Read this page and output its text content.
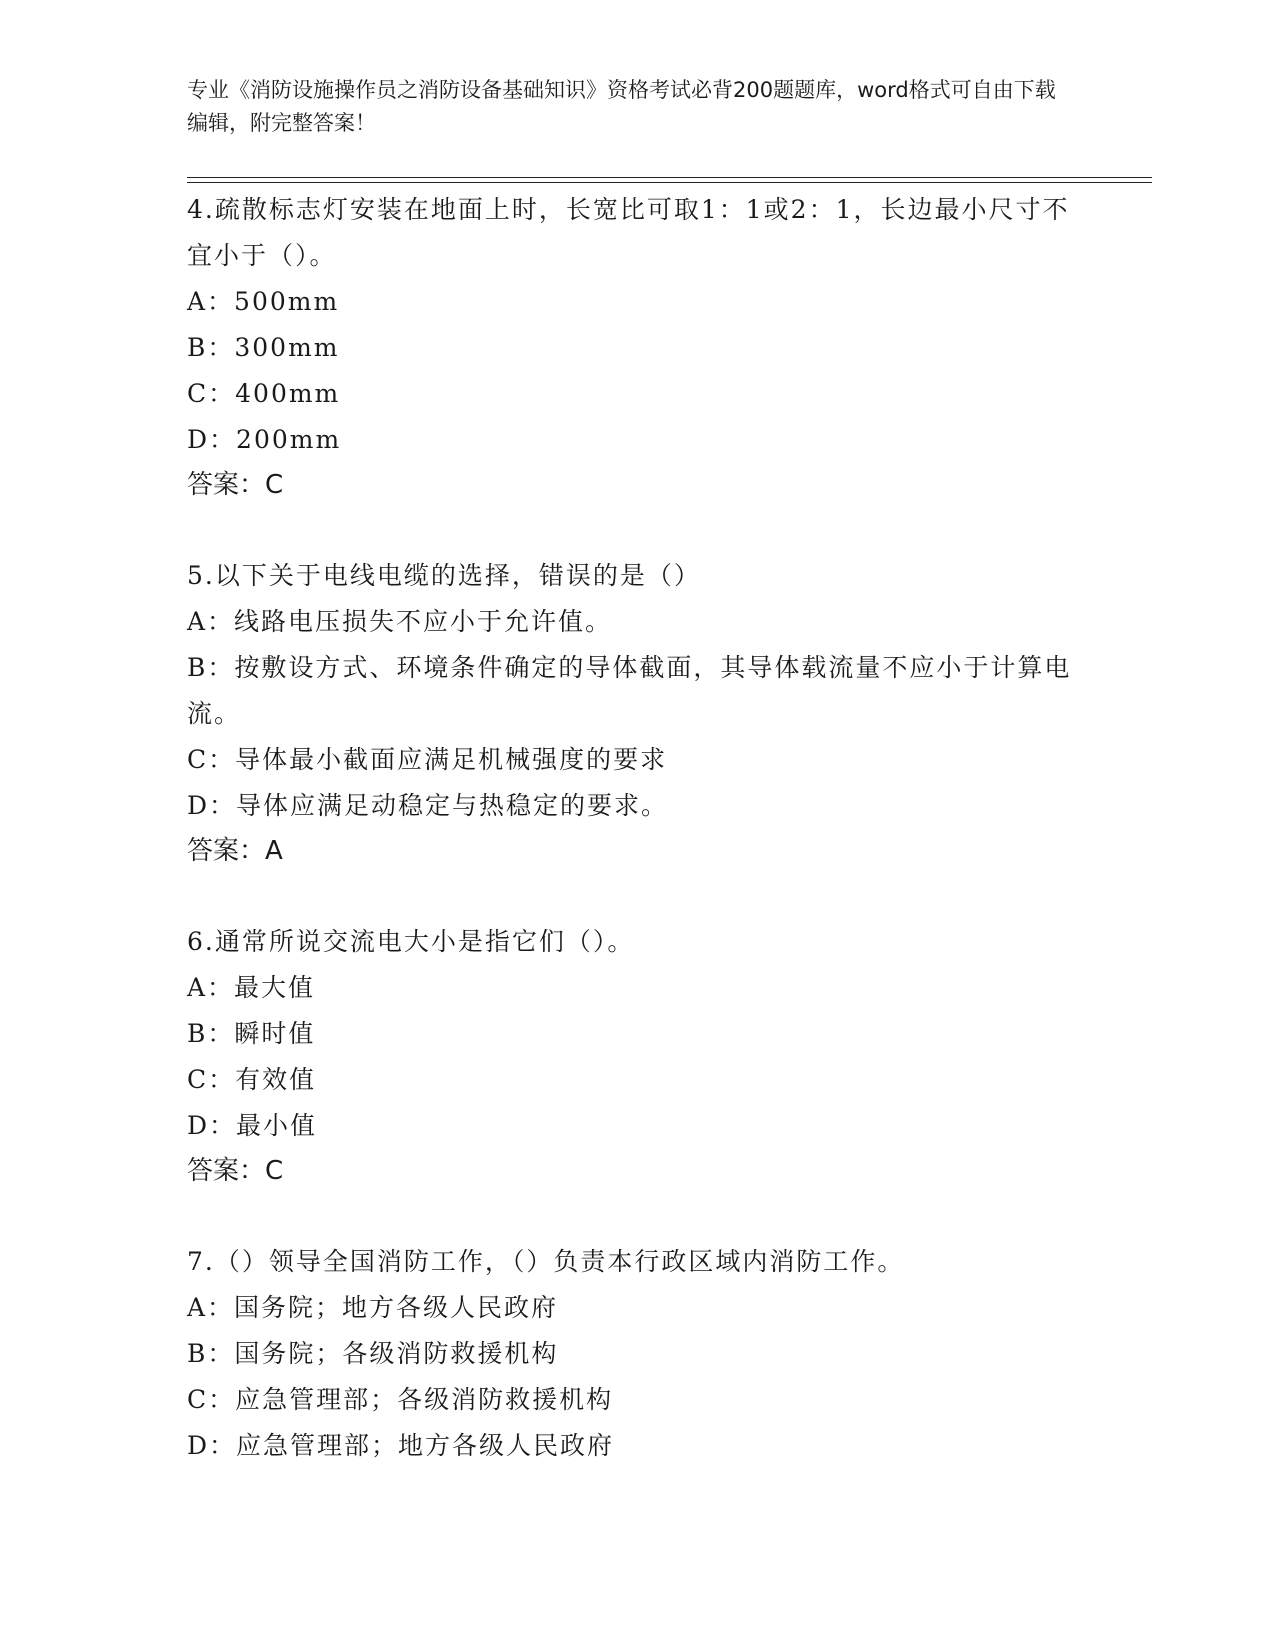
专业《消防设施操作员之消防设备基础知识》资格考试必背200题题库，word格式可自由下载编辑，附完整答案！

4.疏散标志灯安装在地面上时，长宽比可取1：1或2：1，长边最小尺寸不宜小于（）。

A：500mm

B：300mm

C：400mm

D：200mm

答案：C

5.以下关于电线电缆的选择，错误的是（）

A：线路电压损失不应小于允许值。

B：按敷设方式、环境条件确定的导体截面，其导体载流量不应小于计算电流。

C：导体最小截面应满足机械强度的要求

D：导体应满足动稳定与热稳定的要求。

答案：A

6.通常所说交流电大小是指它们（）。

A：最大值

B：瞬时值

C：有效值

D：最小值

答案：C

7.（）领导全国消防工作，（）负责本行政区域内消防工作。

A：国务院；地方各级人民政府

B：国务院；各级消防救援机构

C：应急管理部；各级消防救援机构

D：应急管理部；地方各级人民政府
